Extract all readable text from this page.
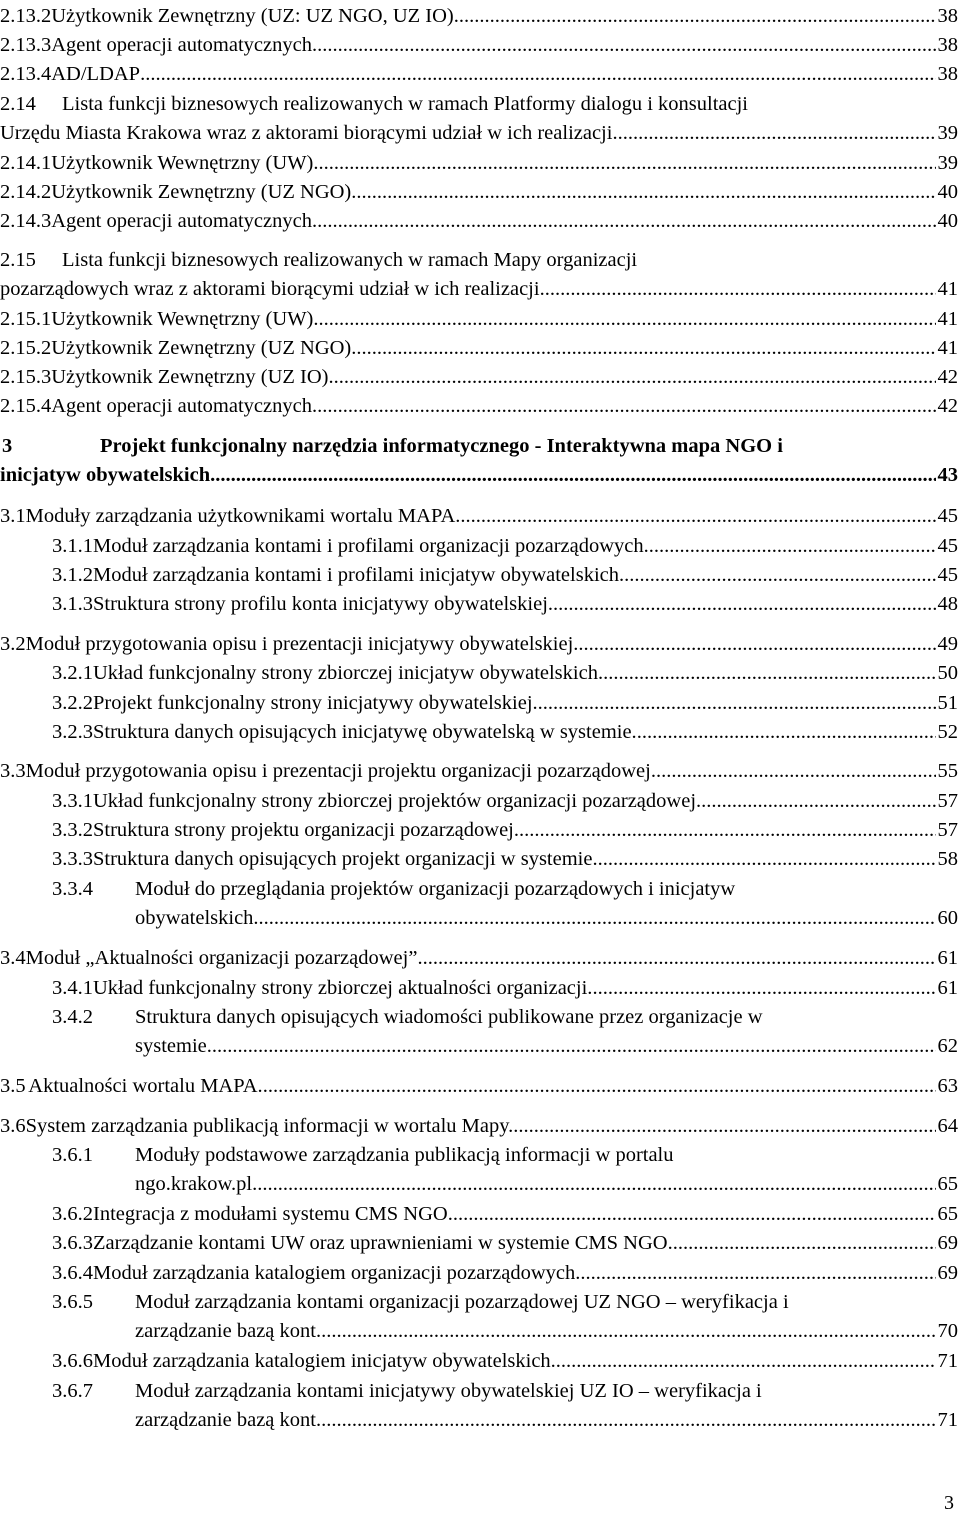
2.13.2 Użytkownik Zewnętrzny (UZ: UZ NGO, UZ IO) .....	38
2.13.3 Agent operacji automatycznych .....	38
2.13.4 AD/LDAP .....	38
2.14	Lista funkcji biznesowych realizowanych w ramach Platformy dialogu i konsultacji
Urzędu Miasta Krakowa wraz z aktorami biorącymi udział w ich realizacji .....	39
2.14.1 Użytkownik Wewnętrzny (UW) .....	39
2.14.2 Użytkownik Zewnętrzny (UZ NGO) .....	40
2.14.3 Agent operacji automatycznych .....	40
2.15	Lista funkcji biznesowych realizowanych w ramach Mapy organizacji
pozarządowych wraz z aktorami biorącymi udział w ich realizacji .....	41
2.15.1 Użytkownik Wewnętrzny (UW) .....	41
2.15.2 Użytkownik Zewnętrzny (UZ NGO) .....	41
2.15.3 Użytkownik Zewnętrzny (UZ IO) .....	42
2.15.4 Agent operacji automatycznych .....	42
3	Projekt funkcjonalny narzędzia informatycznego - Interaktywna mapa NGO i
inicjatyw obywatelskich. .....	43
3.1 Moduły zarządzania użytkownikami wortalu MAPA. .....	45
3.1.1 Moduł zarządzania kontami i profilami organizacji pozarządowych. .....	45
3.1.2 Moduł zarządzania kontami i profilami inicjatyw obywatelskich. .....	45
3.1.3 Struktura strony profilu konta inicjatywy obywatelskiej. .....	48
3.2 Moduł przygotowania opisu i prezentacji inicjatywy obywatelskiej. .....	49
3.2.1 Układ funkcjonalny strony zbiorczej inicjatyw obywatelskich. .....	50
3.2.2 Projekt funkcjonalny strony inicjatywy obywatelskiej. .....	51
3.2.3 Struktura danych opisujących inicjatywę obywatelską w systemie. .....	52
3.3 Moduł przygotowania opisu i prezentacji projektu organizacji pozarządowej. .....	55
3.3.1 Układ funkcjonalny strony zbiorczej projektów organizacji pozarządowej. .....	57
3.3.2 Struktura strony projektu organizacji pozarządowej. .....	57
3.3.3 Struktura danych opisujących projekt organizacji w systemie. .....	58
3.3.4	Moduł do przeglądania projektów organizacji pozarządowych i inicjatyw
obywatelskich. .....	60
3.4 Moduł „Aktualności organizacji pozarządowej” .....	61
3.4.1 Układ funkcjonalny strony zbiorczej aktualności organizacji. .....	61
3.4.2	Struktura danych opisujących wiadomości publikowane przez organizacje w
systemie. .....	62
3.5 Aktualności wortalu MAPA. .....	63
3.6 System zarządzania publikacją informacji w wortalu Mapy. .....	64
3.6.1	Moduły podstawowe zarządzania publikacją informacji w portalu
ngo.krakow.pl .....	65
3.6.2 Integracja z modułami systemu CMS NGO. .....	65
3.6.3 Zarządzanie kontami UW oraz uprawnieniami w systemie CMS NGO .....	69
3.6.4 Moduł zarządzania katalogiem organizacji pozarządowych .....	69
3.6.5	Moduł zarządzania kontami organizacji pozarządowej UZ NGO – weryfikacja i
zarządzanie bazą kont .....	70
3.6.6 Moduł zarządzania katalogiem inicjatyw obywatelskich .....	71
3.6.7	Moduł zarządzania kontami inicjatywy obywatelskiej UZ IO – weryfikacja i
zarządzanie bazą kont .....	71
3
